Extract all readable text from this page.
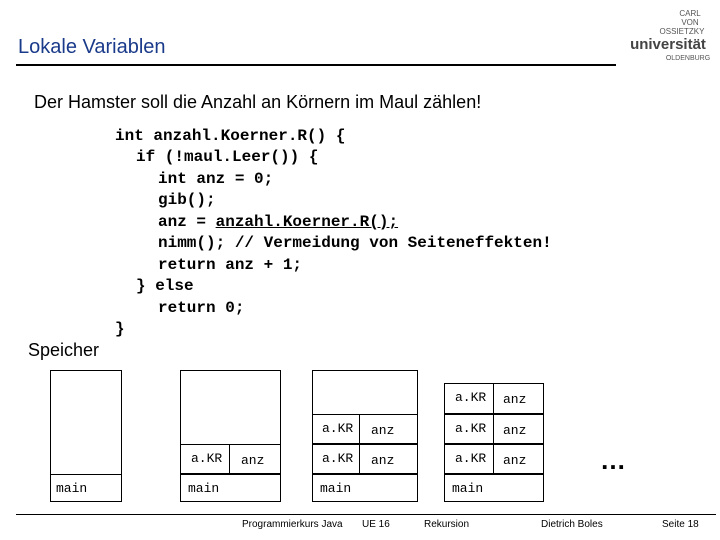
Lokale Variablen
CARL
VON
OSSIETZKY
universität
OLDENBURG
Der Hamster soll die Anzahl an Körnern im Maul zählen!
int anzahl.Koerner.R() {
if (!maul.Leer()) {
int anz = 0;
gib();
anz = anzahl.Koerner.R();
nimm(); // Vermeidung von Seiteneffekten!
return anz + 1;
} else
return 0;
}
Speicher
main
a.KR anz
main
a.KR anz
a.KR anz
main
a.KR anz
a.KR anz
a.KR anz
main
…
Programmierkurs Java UE 16	Rekursion	Dietrich Boles	Seite 18
